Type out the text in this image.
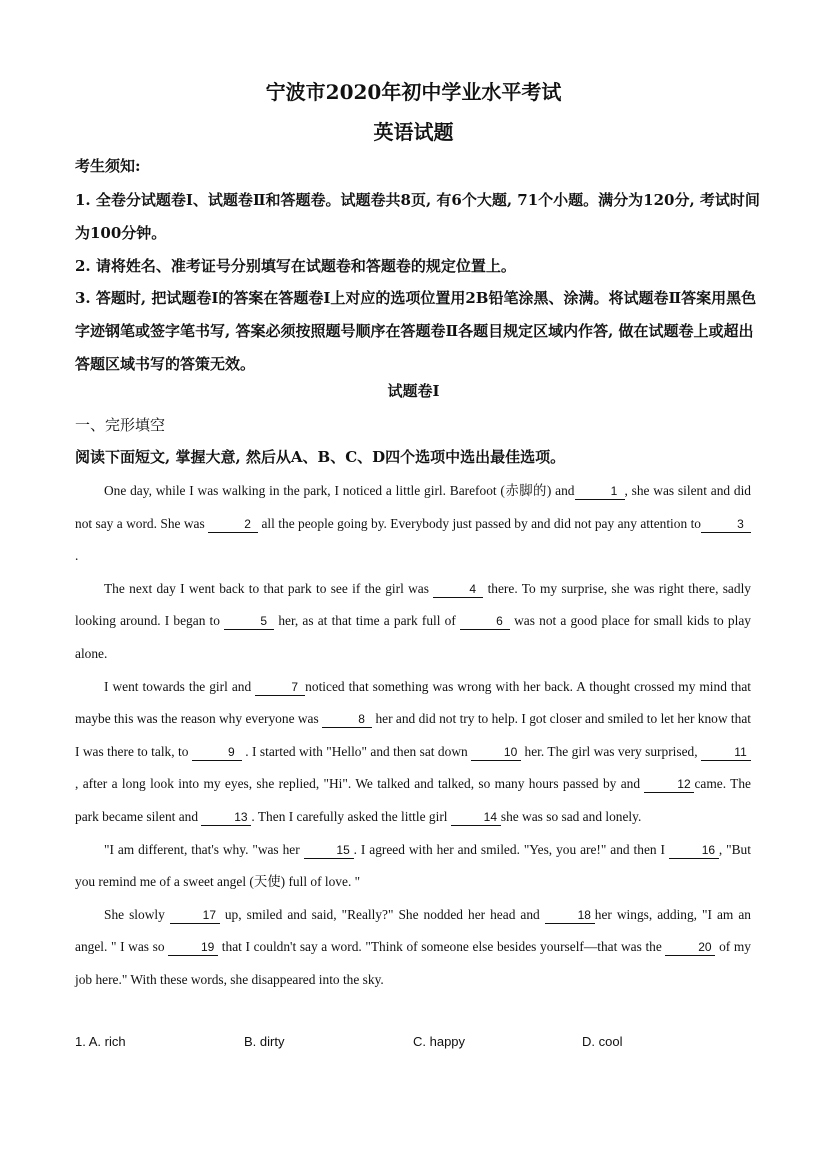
宁波市2020年初中学业水平考试
英语试题
考生须知:
1. 全卷分试题卷I、试题卷Ⅱ和答题卷。试题卷共8页, 有6个大题, 71个小题。满分为120分, 考试时间为100分钟。
2. 请将姓名、准考证号分别填写在试题卷和答题卷的规定位置上。
3. 答题时, 把试题卷I的答案在答题卷I上对应的选项位置用2B铅笔涂黑、涂满。将试题卷Ⅱ答案用黑色字迹钢笔或签字笔书写, 答案必须按照题号顺序在答题卷Ⅱ各题目规定区域内作答, 做在试题卷上或超出答题区域书写的答策无效。
试题卷I
一、完形填空
阅读下面短文, 掌握大意, 然后从A、B、C、D四个选项中选出最佳选项。

One day, while I was walking in the park, I noticed a little girl. Barefoot (赤脚的) and	1 , she was silent and did not say a word. She was	2 all the people going by. Everybody just passed by and did not pay any attention to	3.

The next day I went back to that park to see if the girl was	4 there. To my surprise, she was right there, sadly looking around. I began to	5 her, as at that time a park full of	6 was not a good place for small kids to play alone.

I went towards the girl and	7 noticed that something was wrong with her back. A thought crossed my mind that maybe this was the reason why everyone was	8 her and did not try to help. I got closer and smiled to let her know that I was there to talk, to	9 . I started with "Hello" and then sat down	10 her. The girl was very surprised,	11, after a long look into my eyes, she replied, "Hi". We talked and talked, so many hours passed by and	12 came. The park became silent and	13 . Then I carefully asked the little girl	14 she was so sad and lonely.

"I am different, that's why. "was her	15 . I agreed with her and smiled. "Yes, you are!" and then I	16 , "But you remind me of a sweet angel (天使) full of love. "

She slowly	17 up, smiled and said, "Really?" She nodded her head and	18 her wings, adding, "I am an angel. " I was so	19 that I couldn't say a word. "Think of someone else besides yourself—that was the	20 of my job here." With these words, she disappeared into the sky.

1. A. rich	B. dirty	C. happy	D. cool
